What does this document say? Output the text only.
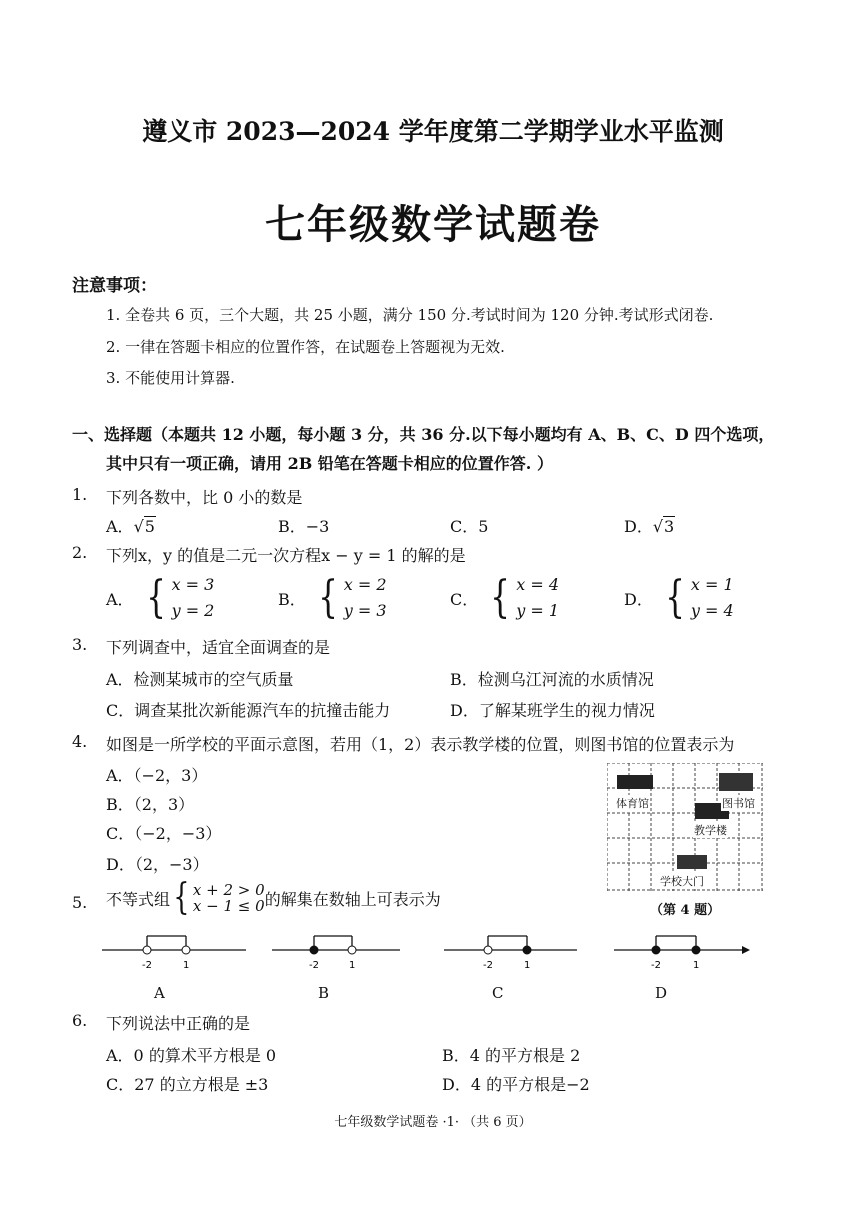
遵义市 2023—2024 学年度第二学期学业水平监测
七年级数学试题卷
注意事项：
1. 全卷共 6 页，三个大题，共 25 小题，满分 150 分.考试时间为 120 分钟.考试形式闭卷.
2. 一律在答题卡相应的位置作答，在试题卷上答题视为无效.
3. 不能使用计算器.
一、选择题（本题共 12 小题，每小题 3 分，共 36 分.以下每小题均有 A、B、C、D 四个选项，
其中只有一项正确，请用 2B 铅笔在答题卡相应的位置作答. ）
1. 下列各数中，比 0 小的数是
A．√5	B．−3	C．5	D．√3
2. 下列x，y 的值是二元一次方程x − y = 1 的解的是
A． { x = 3
y = 2
B． { x = 2
y = 3
C． { x = 4
y = 1
D． { x = 1
y = 4
3. 下列调查中，适宜全面调查的是
A．检测某城市的空气质量	B．检测乌江河流的水质情况
C．调查某批次新能源汽车的抗撞击能力	D．了解某班学生的视力情况
4. 如图是一所学校的平面示意图，若用（1，2）表示教学楼的位置，则图书馆的位置表示为
A．（−2，3）
B．（2，3）
C．（−2，−3）
D．（2，−3）
体育馆	图书馆
教学楼
学校大门
（第 4 题）
5. 不等式组 { x + 2 > 0
x − 1 ≤ 0 的解集在数轴上可表示为
-2	1
A
-2	1
B
-2	1
C
-2	1
D
6. 下列说法中正确的是
A．0 的算术平方根是 0	B．4 的平方根是 2
C．27 的立方根是 ±3	D．4 的平方根是−2
七年级数学试题卷 ·1· （共 6 页）
